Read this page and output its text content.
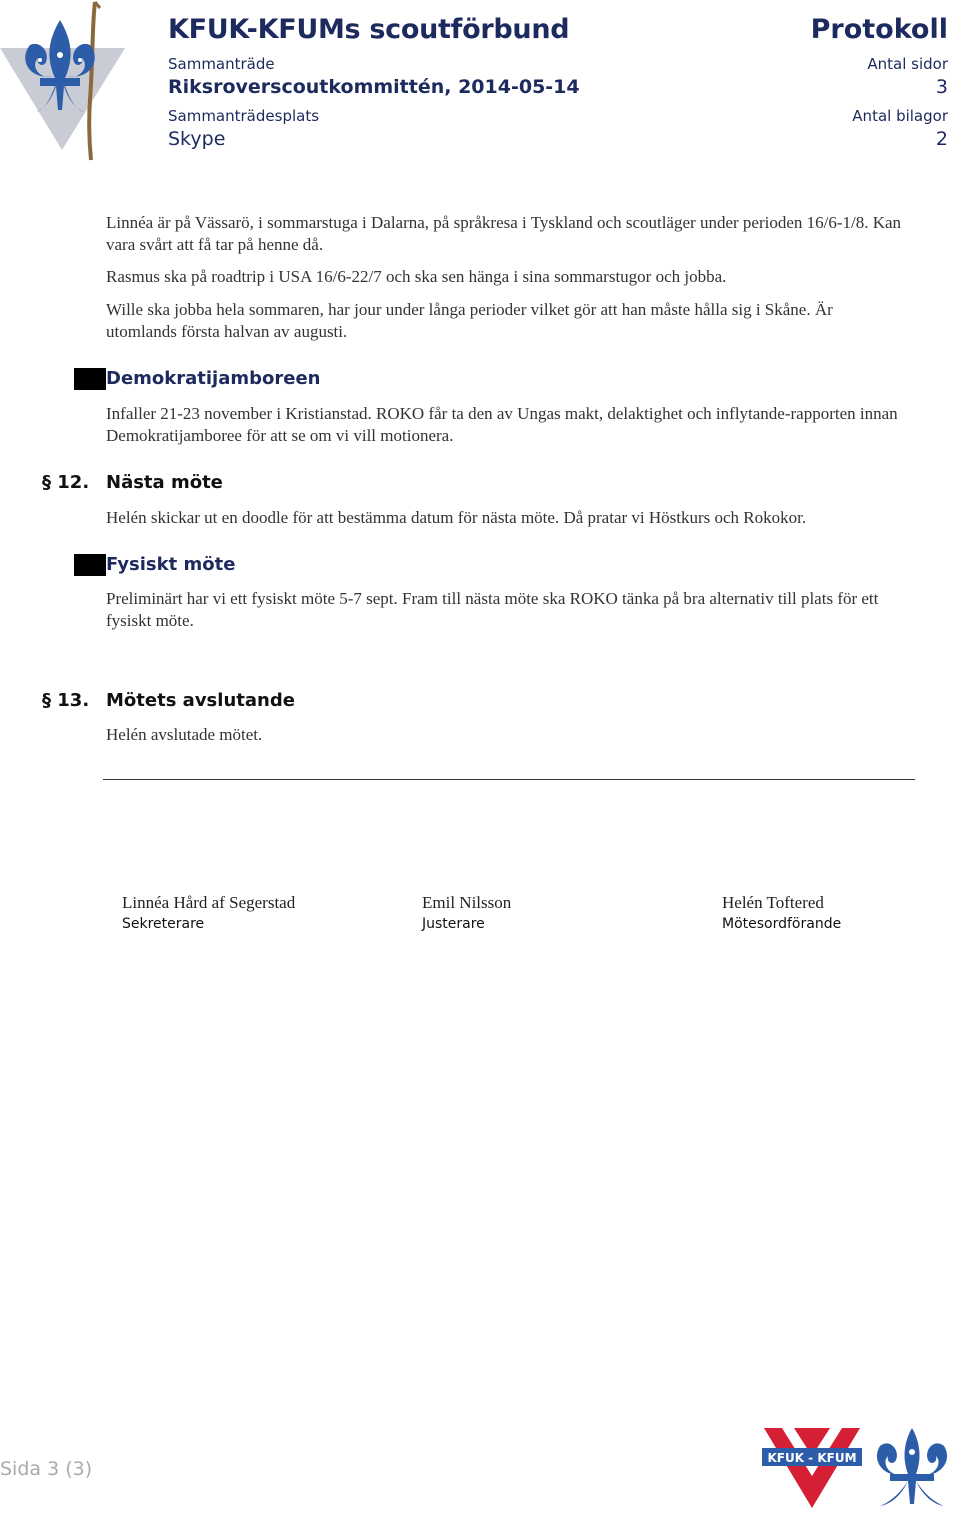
KFUK-KFUMs scoutförbund	Protokoll
Sammanträde
Riksroverscoutkommittén, 2014-05-14
Sammanträdesplats
Skype
Antal sidor
3
Antal bilagor
2
Linnéa är på Vässarö, i sommarstuga i Dalarna, på språkresa i Tyskland och scoutläger under perioden 16/6-1/8. Kan vara svårt att få tar på henne då.
Rasmus ska på roadtrip i USA 16/6-22/7 och ska sen hänga i sina sommarstugor och jobba.
Wille ska jobba hela sommaren, har jour under långa perioder vilket gör att han måste hålla sig i Skåne. Är utomlands första halvan av augusti.
Demokratijamboreen
Infaller 21-23 november i Kristianstad. ROKO får ta den av Ungas makt, delaktighet och inflytande-rapporten innan Demokratijamboree för att se om vi vill motionera.
§ 12. Nästa möte
Helén skickar ut en doodle för att bestämma datum för nästa möte. Då pratar vi Höstkurs och Rokokor.
Fysiskt möte
Preliminärt har vi ett fysiskt möte 5-7 sept. Fram till nästa möte ska ROKO tänka på bra alternativ till plats för ett fysiskt möte.
§ 13. Mötets avslutande
Helén avslutade mötet.
Linnéa Hård af Segerstad
Sekreterare
Emil Nilsson
Justerare
Helén Toftered
Mötesordförande
Sida 3 (3)	KFUK - KFUM
